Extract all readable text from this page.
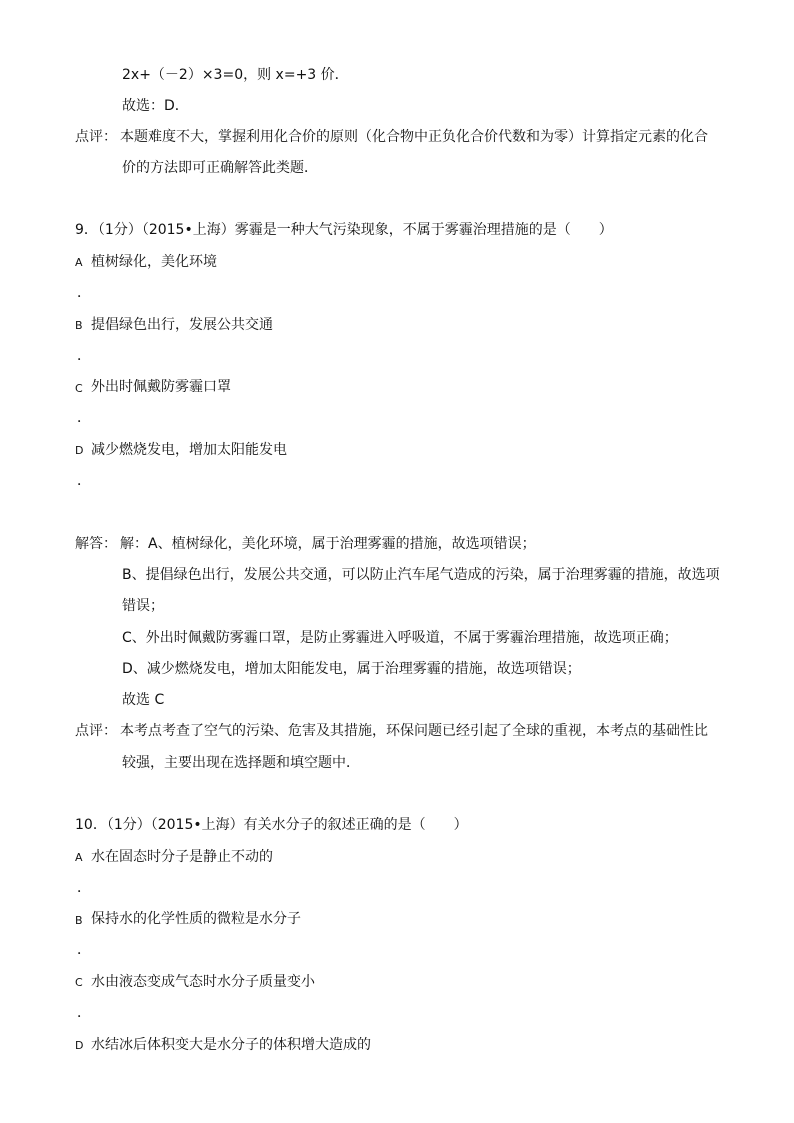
2x+（－2）×3=0，则 x=+3 价．
故选：D．
点评： 本题难度不大，掌握利用化合价的原则（化合物中正负化合价代数和为零）计算指定元素的化合
价的方法即可正确解答此类题．
9．（1分）（2015•上海）雾霾是一种大气污染现象，不属于雾霾治理措施的是（　　）
A 植树绿化，美化环境
．
B 提倡绿色出行，发展公共交通
．
C 外出时佩戴防雾霾口罩
．
D 减少燃烧发电，增加太阳能发电
．
解答： 解：A、植树绿化，美化环境，属于治理雾霾的措施，故选项错误；
B、提倡绿色出行，发展公共交通，可以防止汽车尾气造成的污染，属于治理雾霾的措施，故选项
错误；
C、外出时佩戴防雾霾口罩，是防止雾霾进入呼吸道，不属于雾霾治理措施，故选项正确；
D、减少燃烧发电，增加太阳能发电，属于治理雾霾的措施，故选项错误；
故选 C
点评： 本考点考查了空气的污染、危害及其措施，环保问题已经引起了全球的重视，本考点的基础性比
较强，主要出现在选择题和填空题中．
10．（1分）（2015•上海）有关水分子的叙述正确的是（　　）
A 水在固态时分子是静止不动的
．
B 保持水的化学性质的微粒是水分子
．
C 水由液态变成气态时水分子质量变小
．
D 水结冰后体积变大是水分子的体积增大造成的
